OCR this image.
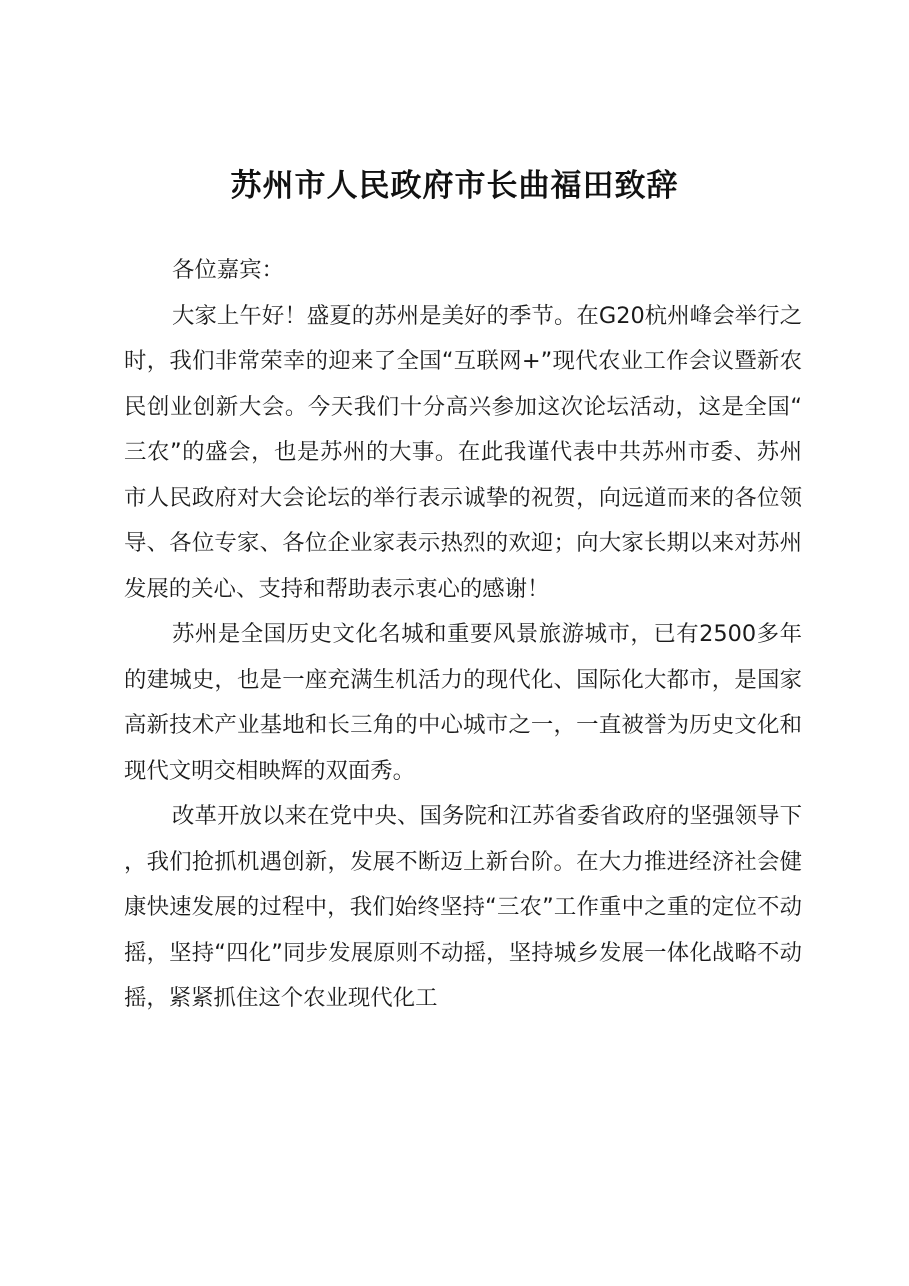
苏州市人民政府市长曲福田致辞

各位嘉宾：

大家上午好！盛夏的苏州是美好的季节。在G20杭州峰会举行之时，我们非常荣幸的迎来了全国“互联网+”现代农业工作会议暨新农民创业创新大会。今天我们十分高兴参加这次论坛活动，这是全国“三农”的盛会，也是苏州的大事。在此我谨代表中共苏州市委、苏州市人民政府对大会论坛的举行表示诚挚的祝贺，向远道而来的各位领导、各位专家、各位企业家表示热烈的欢迎；向大家长期以来对苏州发展的关心、支持和帮助表示衷心的感谢！

苏州是全国历史文化名城和重要风景旅游城市，已有2500多年的建城史，也是一座充满生机活力的现代化、国际化大都市，是国家高新技术产业基地和长三角的中心城市之一，一直被誉为历史文化和现代文明交相映辉的双面秀。

改革开放以来在党中央、国务院和江苏省委省政府的坚强领导下，我们抢抓机遇创新，发展不断迈上新台阶。在大力推进经济社会健康快速发展的过程中，我们始终坚持“三农”工作重中之重的定位不动摇，坚持“四化”同步发展原则不动摇，坚持城乡发展一体化战略不动摇，紧紧抓住这个农业现代化工
